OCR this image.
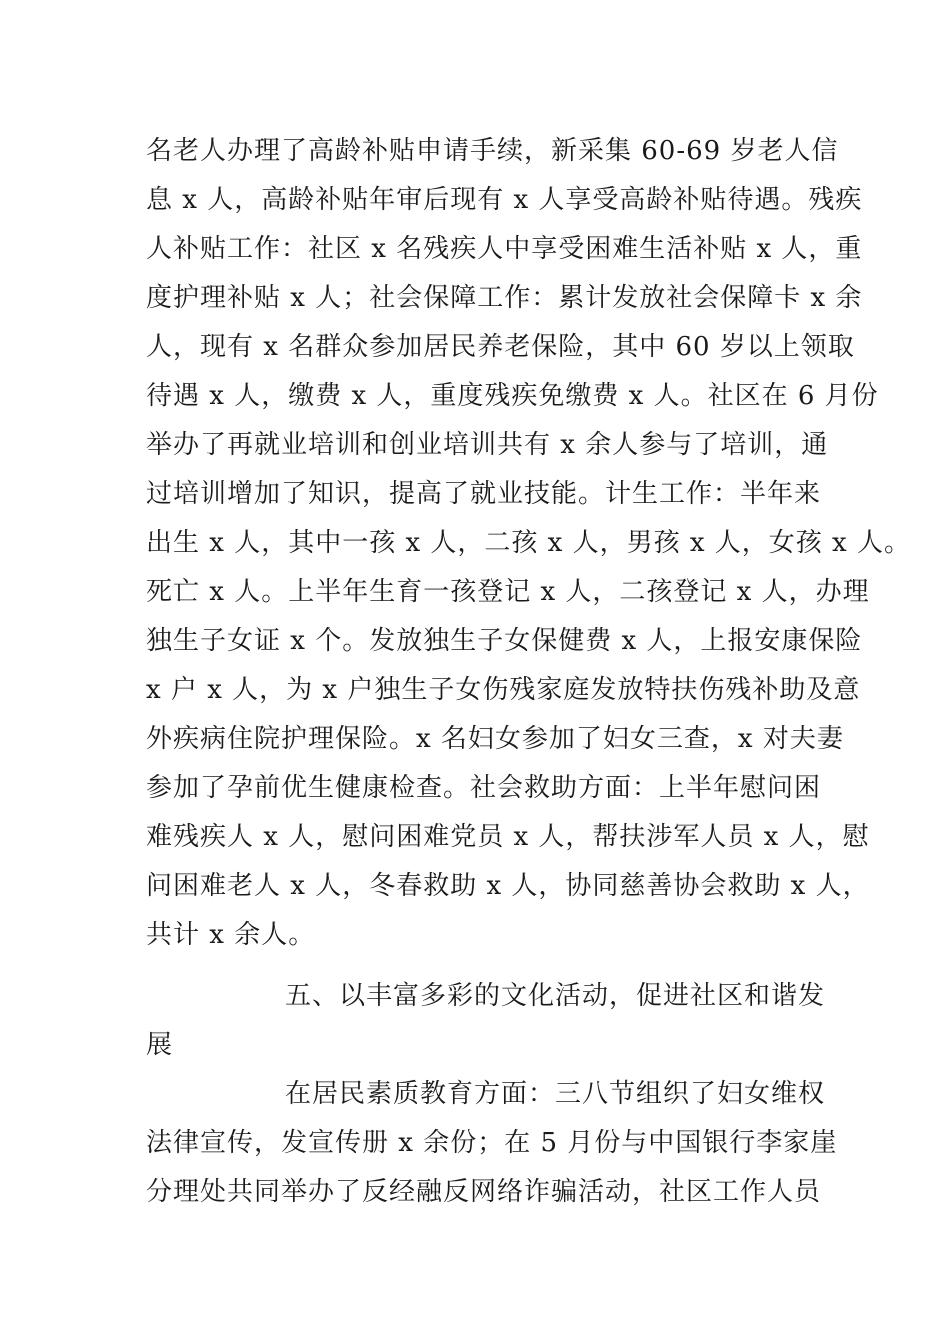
名老人办理了高龄补贴申请手续，新采集 60-69 岁老人信
息 x 人，高龄补贴年审后现有 x 人享受高龄补贴待遇。残疾
人补贴工作：社区 x 名残疾人中享受困难生活补贴 x 人，重
度护理补贴 x 人；社会保障工作：累计发放社会保障卡 x 余
人，现有 x 名群众参加居民养老保险，其中 60 岁以上领取
待遇 x 人，缴费 x 人，重度残疾免缴费 x 人。社区在 6 月份
举办了再就业培训和创业培训共有 x 余人参与了培训，通
过培训增加了知识，提高了就业技能。计生工作：半年来
出生 x 人，其中一孩 x 人，二孩 x 人，男孩 x 人，女孩 x 人。
死亡 x 人。上半年生育一孩登记 x 人，二孩登记 x 人，办理
独生子女证 x 个。发放独生子女保健费 x 人，上报安康保险
x 户 x 人，为 x 户独生子女伤残家庭发放特扶伤残补助及意
外疾病住院护理保险。x 名妇女参加了妇女三查，x 对夫妻
参加了孕前优生健康检查。社会救助方面：上半年慰问困
难残疾人 x 人，慰问困难党员 x 人，帮扶涉军人员 x 人，慰
问困难老人 x 人，冬春救助 x 人，协同慈善协会救助 x 人，
共计 x 余人。
五、以丰富多彩的文化活动，促进社区和谐发
展
在居民素质教育方面：三八节组织了妇女维权
法律宣传，发宣传册 x 余份；在 5 月份与中国银行李家崖
分理处共同举办了反经融反网络诈骗活动，社区工作人员
